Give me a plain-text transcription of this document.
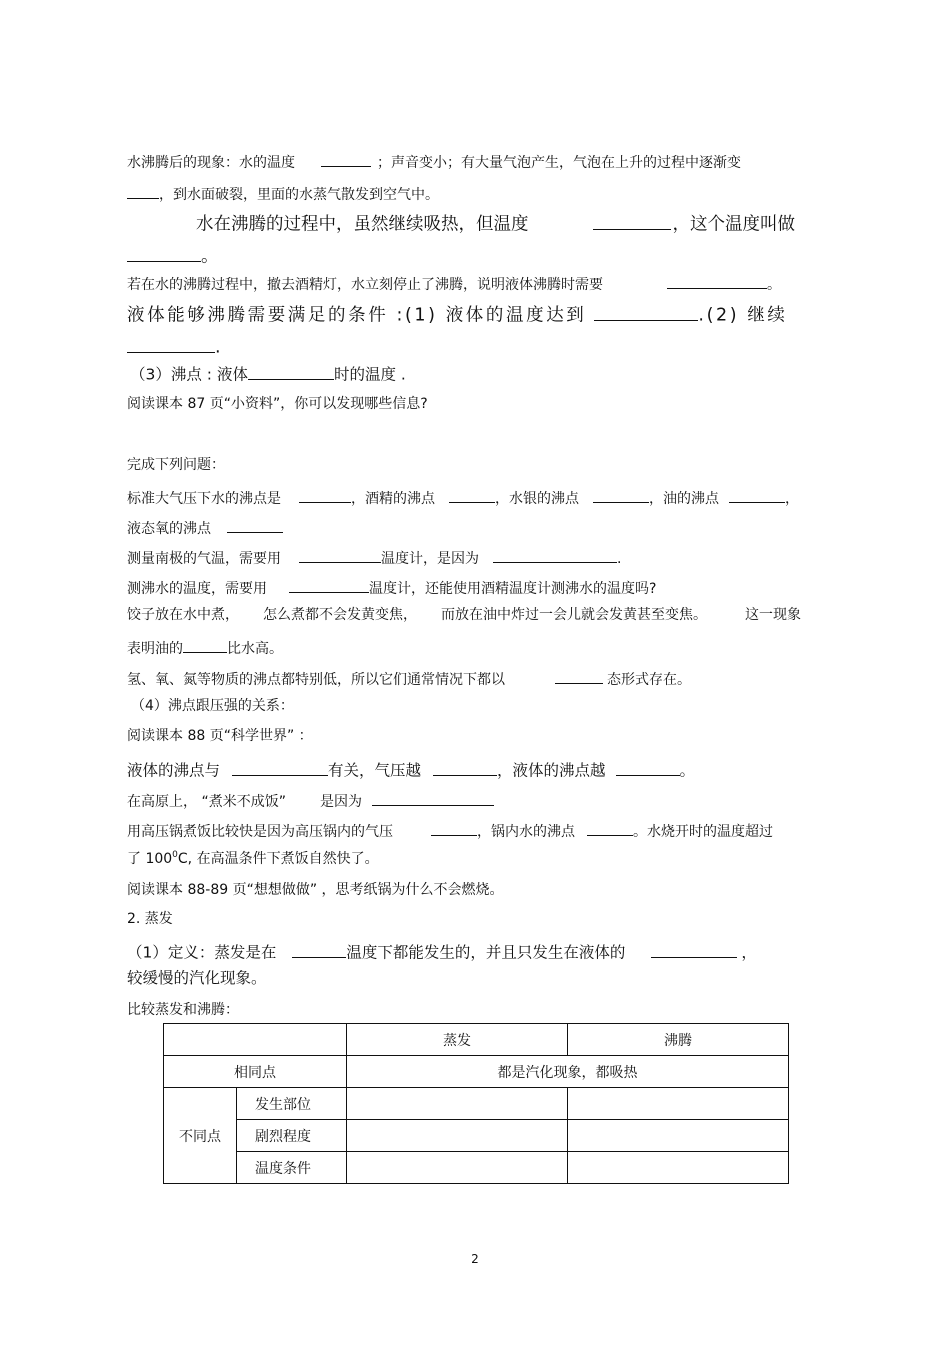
水沸腾后的现象：水的温度	；声音变小；有大量气泡产生，气泡在上升的过程中逐渐变
，到水面破裂，里面的水蒸气散发到空气中。
水在沸腾的过程中，虽然继续吸热，但温度	，这个温度叫做
。
若在水的沸腾过程中，撤去酒精灯，水立刻停止了沸腾，说明液体沸腾时需要	。
液体能够沸腾需要满足的条件 :(1) 液体的温度达到	.(2) 继续
.
（3）沸点 : 液体	时的温度 .
阅读课本 87 页“小资料”，你可以发现哪些信息?
完成下列问题：
标准大气压下水的沸点是	，酒精的沸点	，水银的沸点	，油的沸点	，
液态氧的沸点
测量南极的气温，需要用	温度计，是因为	.
测沸水的温度，需要用	温度计，还能使用酒精温度计测沸水的温度吗?
饺子放在水中煮， 怎么煮都不会发黄变焦， 而放在油中炸过一会儿就会发黄甚至变焦。	这一现象
表明油的	比水高。
氢、氧、氮等物质的沸点都特别低，所以它们通常情况下都以	态形式存在。
（4）沸点跟压强的关系：
阅读课本 88 页“科学世界” ：
液体的沸点与	有关，气压越	，液体的沸点越	。
在高原上， “煮米不成饭” 是因为
用高压锅煮饭比较快是因为高压锅内的气压	，锅内水的沸点	。水烧开时的温度超过
了 $100^0C$, 在高温条件下煮饭自然快了。
阅读课本 88-89 页“想想做做” ，思考纸锅为什么不会燃烧。
2. 蒸发
（1）定义：蒸发是在	温度下都能发生的，并且只发生在液体的	，
较缓慢的汽化现象。
比较蒸发和沸腾：
		蒸发	沸腾
相同点		都是汽化现象，都吸热	
不同点	发生部位		
	剧烈程度		
	温度条件		
2
